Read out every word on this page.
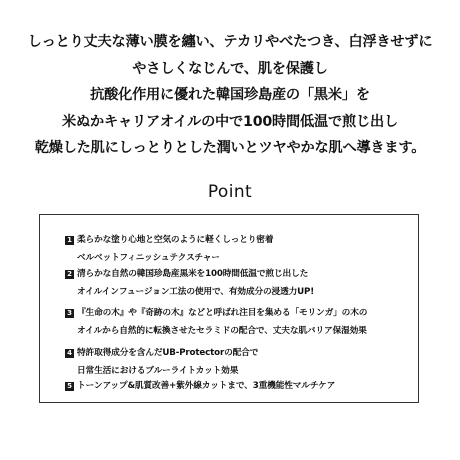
しっとり丈夫な薄い膜を纏い、テカリやべたつき、白浮きせずに
やさしくなじんで、肌を保護し
抗酸化作用に優れた韓国珍島産の「黒米」を
米ぬかキャリアオイルの中で100時間低温で煎じ出し
乾燥した肌にしっとりとした潤いとツヤやかな肌へ導きます。
Point
1 柔らかな塗り心地と空気のように軽くしっとり密着
ベルベットフィニッシュテクスチャー
2 清らかな自然の韓国珍島産黒米を100時間低温で煎じ出した
オイルインフュージョン工法の使用で、有効成分の浸透力UP!
3 『生命の木』や『奇跡の木』などと呼ばれ注目を集める「モリンガ」の木の
オイルから自然的に転換させたセラミドの配合で、丈夫な肌バリア保湿効果
4 特許取得成分を含んだUB-Protectorの配合で
日常生活におけるブルーライトカット効果
5 トーンアップ&肌質改善+紫外線カットまで、3重機能性マルチケア
